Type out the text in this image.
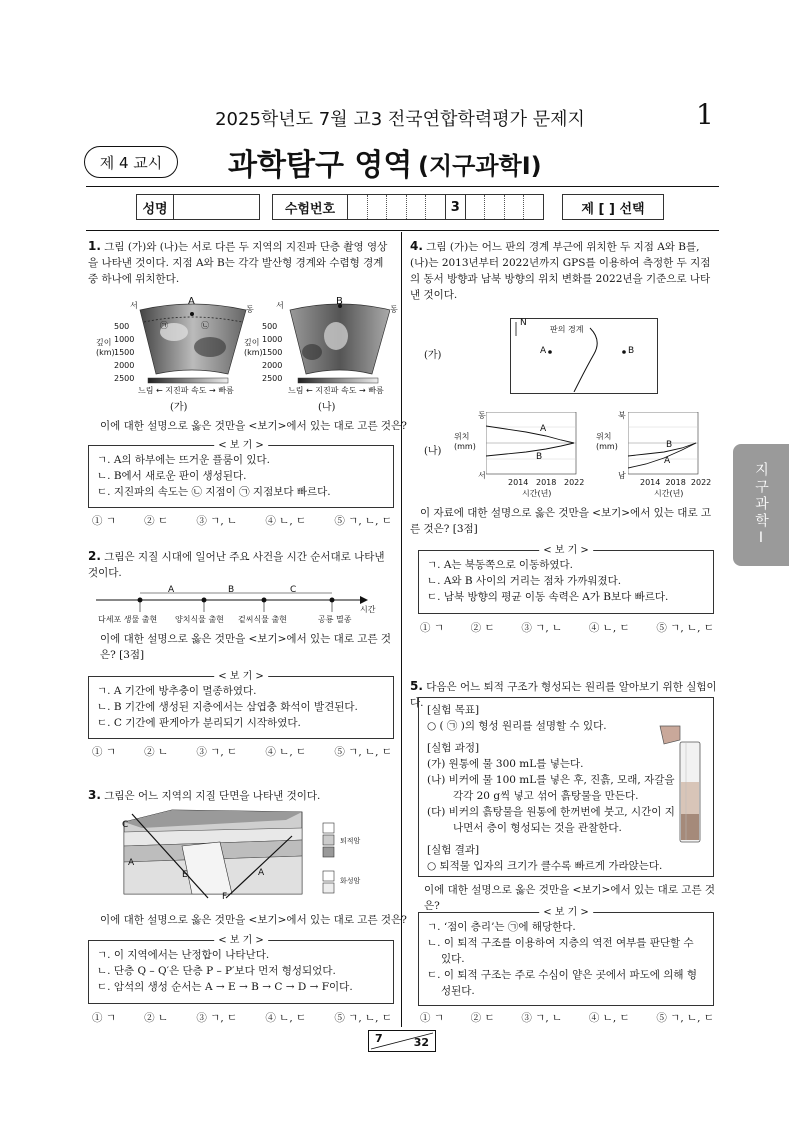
2025학년도 7월 고3 전국연합학력평가 문제지	1
제 4 교시	과학탐구 영역 (지구과학Ⅰ)
성명	수험번호	3	제 [ ] 선택
지구과학Ⅰ
1. 그림 (가)와 (나)는 서로 다른 두 지역의 지진파 단층 촬영 영상을 나타낸 것이다. 지점 A와 B는 각각 발산형 경계와 수렴형 경계 중 하나에 위치한다.
서	동
A
㉠	㉡
500
1000
1500
2000
2500
깊이
(km)
느림 ← 지진파 속도 → 빠름
(가)
서	동
B
500
1000
1500
2000
2500
깊이
(km)
느림 ← 지진파 속도 → 빠름
(나)
이에 대한 설명으로 옳은 것만을 <보기>에서 있는 대로 고른 것은?
< 보 기 >
ㄱ. A의 하부에는 뜨거운 플룸이 있다.
ㄴ. B에서 새로운 판이 생성된다.
ㄷ. 지진파의 속도는 ㉡ 지점이 ㉠ 지점보다 빠르다.
① ㄱ	② ㄷ	③ ㄱ, ㄴ	④ ㄴ, ㄷ	⑤ ㄱ, ㄴ, ㄷ
2. 그림은 지질 시대에 일어난 주요 사건을 시간 순서대로 나타낸 것이다.
A	B	C
시간
다세포 생물 출현 양치식물 출현 겉씨식물 출현	공룡 멸종
이에 대한 설명으로 옳은 것만을 <보기>에서 있는 대로 고른 것은? [3점]
< 보 기 >
ㄱ. A 기간에 방추충이 멸종하였다.
ㄴ. B 기간에 생성된 지층에서는 삼엽충 화석이 발견된다.
ㄷ. C 기간에 판게아가 분리되기 시작하였다.
① ㄱ	② ㄴ	③ ㄱ, ㄷ	④ ㄴ, ㄷ	⑤ ㄱ, ㄴ, ㄷ
3. 그림은 어느 지역의 지질 단면을 나타낸 것이다.
C
A
E	A
F
퇴적암
화성암
이에 대한 설명으로 옳은 것만을 <보기>에서 있는 대로 고른 것은?
< 보 기 >
ㄱ. 이 지역에서는 난정합이 나타난다.
ㄴ. 단층 Q – Q′은 단층 P – P′보다 먼저 형성되었다.
ㄷ. 암석의 생성 순서는 A → E → B → C → D → F이다.
① ㄱ	② ㄴ	③ ㄱ, ㄷ	④ ㄴ, ㄷ	⑤ ㄱ, ㄴ, ㄷ
4. 그림 (가)는 어느 판의 경계 부근에 위치한 두 지점 A와 B를, (나)는 2013년부터 2022년까지 GPS를 이용하여 측정한 두 지점의 동서 방향과 남북 방향의 위치 변화를 2022년을 기준으로 나타낸 것이다.
(가)
N
판의 경계
A	B
(나)
동
서
위치
(mm)
A
B
2014 2018 2022
시간(년)
북
남
위치
(mm)	B
A
2014 2018 2022
시간(년)
이 자료에 대한 설명으로 옳은 것만을 <보기>에서 있는 대로 고른 것은? [3점]
< 보 기 >
ㄱ. A는 북동쪽으로 이동하였다.
ㄴ. A와 B 사이의 거리는 점차 가까워졌다.
ㄷ. 남북 방향의 평균 이동 속력은 A가 B보다 빠르다.
① ㄱ	② ㄷ	③ ㄱ, ㄴ	④ ㄴ, ㄷ	⑤ ㄱ, ㄴ, ㄷ
5. 다음은 어느 퇴적 구조가 형성되는 원리를 알아보기 위한 실험이다.
[실험 목표]
○ ( ㉠ )의 형성 원리를 설명할 수 있다.
[실험 과정]
(가) 원통에 물 300 mL를 넣는다.
(나) 비커에 물 100 mL를 넣은 후, 진흙, 모래, 자갈을 각각 20 g씩 넣고 섞어 흙탕물을 만든다.
(다) 비커의 흙탕물을 원통에 한꺼번에 붓고, 시간이 지나면서 층이 형성되는 것을 관찰한다.
[실험 결과]
○ 퇴적물 입자의 크기가 클수록 빠르게 가라앉는다.
이에 대한 설명으로 옳은 것만을 <보기>에서 있는 대로 고른 것은?
< 보 기 >
ㄱ. ‘점이 층리’는 ㉠에 해당한다.
ㄴ. 이 퇴적 구조를 이용하여 지층의 역전 여부를 판단할 수 있다.
ㄷ. 이 퇴적 구조는 주로 수심이 얕은 곳에서 파도에 의해 형성된다.
① ㄱ	② ㄷ	③ ㄱ, ㄴ	④ ㄴ, ㄷ	⑤ ㄱ, ㄴ, ㄷ
7	32
